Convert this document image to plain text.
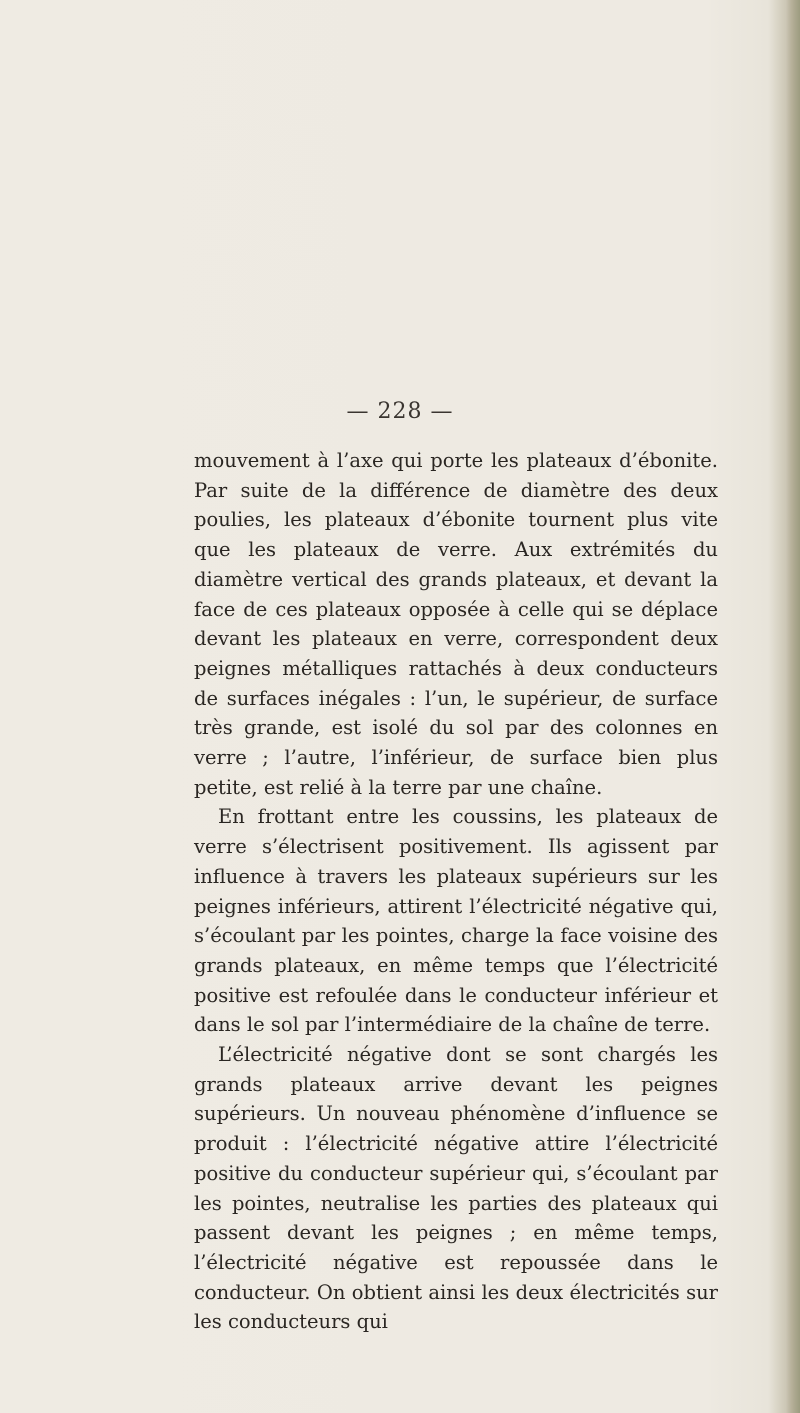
— 228 —

mouvement à l’axe qui porte les plateaux d’ébonite. Par suite de la différence de diamètre des deux poulies, les plateaux d’ébonite tournent plus vite que les plateaux de verre. Aux extrémités du diamètre vertical des grands plateaux, et devant la face de ces plateaux opposée à celle qui se déplace devant les plateaux en verre, correspondent deux peignes métalliques rattachés à deux conducteurs de surfaces inégales : l’un, le supérieur, de surface très grande, est isolé du sol par des colonnes en verre ; l’autre, l’inférieur, de surface bien plus petite, est relié à la terre par une chaîne.

En frottant entre les coussins, les plateaux de verre s’électrisent positivement. Ils agissent par influence à travers les plateaux supérieurs sur les peignes inférieurs, attirent l’électricité négative qui, s’écoulant par les pointes, charge la face voisine des grands plateaux, en même temps que l’électricité positive est refoulée dans le conducteur inférieur et dans le sol par l’intermédiaire de la chaîne de terre.

L’électricité négative dont se sont chargés les grands plateaux arrive devant les peignes supérieurs. Un nouveau phénomène d’influence se produit : l’électricité négative attire l’électricité positive du conducteur supérieur qui, s’écoulant par les pointes, neutralise les parties des plateaux qui passent devant les peignes ; en même temps, l’électricité négative est repoussée dans le conducteur. On obtient ainsi les deux électricités sur les conducteurs qui
